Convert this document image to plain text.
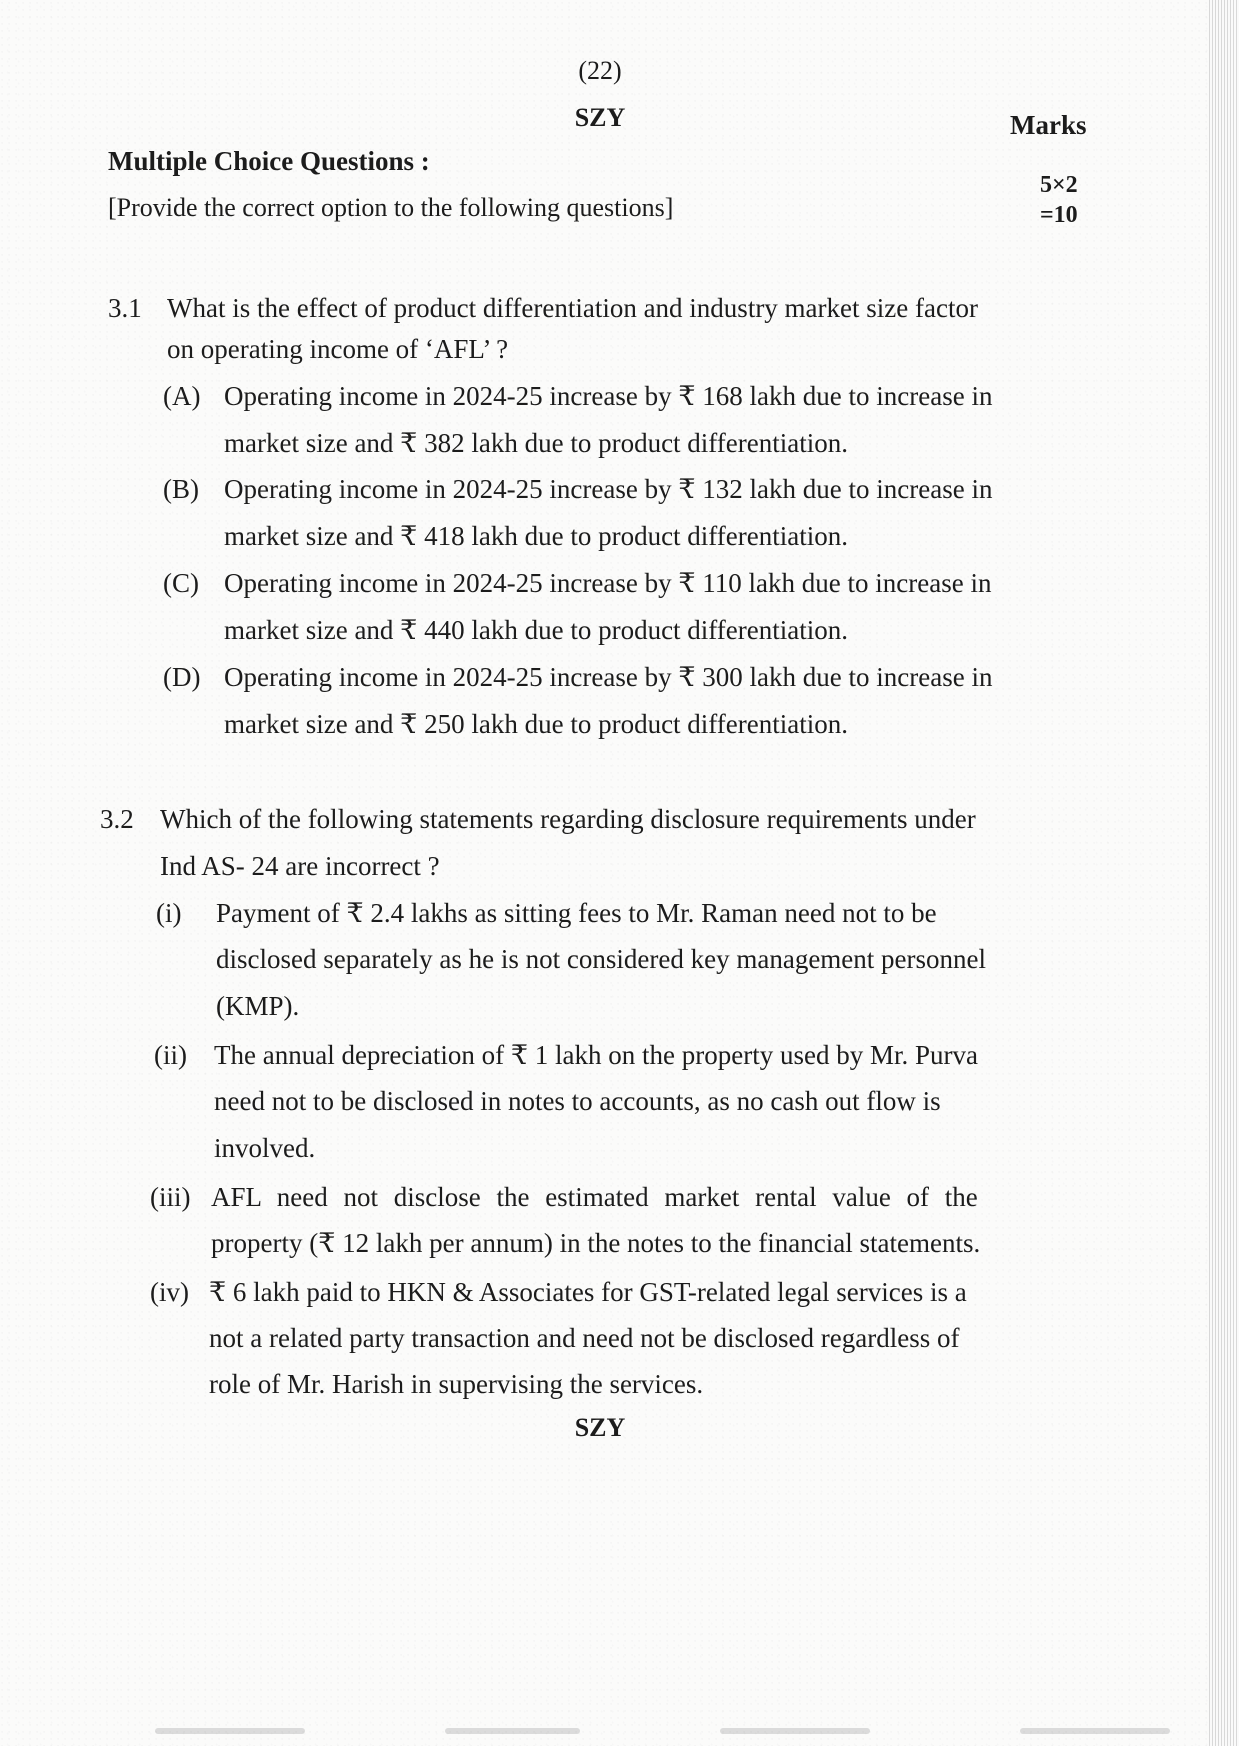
(22)
SZY	Marks
Multiple Choice Questions :
[Provide the correct option to the following questions]
5×2
=10
3.1 What is the effect of product differentiation and industry market size factor
on operating income of ‘AFL’ ?
(A) Operating income in 2024-25 increase by ₹ 168 lakh due to increase in
market size and ₹ 382 lakh due to product differentiation.
(B) Operating income in 2024-25 increase by ₹ 132 lakh due to increase in
market size and ₹ 418 lakh due to product differentiation.
(C) Operating income in 2024-25 increase by ₹ 110 lakh due to increase in
market size and ₹ 440 lakh due to product differentiation.
(D) Operating income in 2024-25 increase by ₹ 300 lakh due to increase in
market size and ₹ 250 lakh due to product differentiation.
3.2 Which of the following statements regarding disclosure requirements under
Ind AS- 24 are incorrect ?
(i) Payment of ₹ 2.4 lakhs as sitting fees to Mr. Raman need not to be
disclosed separately as he is not considered key management personnel
(KMP).
(ii) The annual depreciation of ₹ 1 lakh on the property used by Mr. Purva
need not to be disclosed in notes to accounts, as no cash out flow is
involved.
(iii) AFL need not disclose the estimated market rental value of the
property (₹ 12 lakh per annum) in the notes to the financial statements.
(iv) ₹ 6 lakh paid to HKN & Associates for GST-related legal services is a
not a related party transaction and need not be disclosed regardless of
role of Mr. Harish in supervising the services.
SZY
